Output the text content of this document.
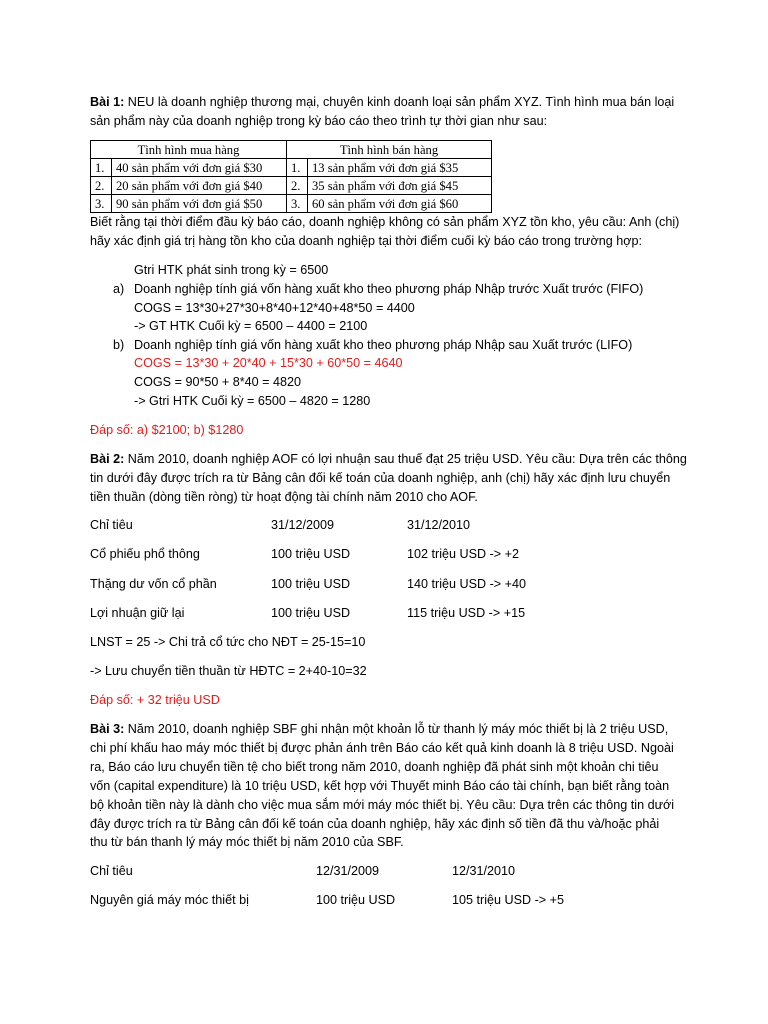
Bài 1: NEU là doanh nghiệp thương mại, chuyên kinh doanh loại sản phẩm XYZ. Tình hình mua bán loại
sản phẩm này của doanh nghiệp trong kỳ báo cáo theo trình tự thời gian như sau:
Tình hình mua hàng		Tình hình bán hàng	
1.	40 sản phẩm với đơn giá $30	1.	13 sản phẩm với đơn giá $35
2.	20 sản phẩm với đơn giá $40	2.	35 sản phẩm với đơn giá $45
3.	90 sản phẩm với đơn giá $50	3.	60 sản phẩm với đơn giá $60
Biết rằng tại thời điểm đầu kỳ báo cáo, doanh nghiệp không có sản phẩm XYZ tồn kho, yêu cầu: Anh (chị)
hãy xác định giá trị hàng tồn kho của doanh nghiệp tại thời điểm cuối kỳ báo cáo trong trường hợp:
Gtri HTK phát sinh trong kỳ = 6500
a) Doanh nghiệp tính giá vốn hàng xuất kho theo phương pháp Nhập trước Xuất trước (FIFO)
COGS = 13*30+27*30+8*40+12*40+48*50 = 4400
-> GT HTK Cuối kỳ = 6500 – 4400 = 2100
b) Doanh nghiệp tính giá vốn hàng xuất kho theo phương pháp Nhập sau Xuất trước (LIFO)
COGS = 13*30 + 20*40 + 15*30 + 60*50 = 4640
COGS = 90*50 + 8*40 = 4820
-> Gtri HTK Cuối kỳ = 6500 – 4820 = 1280
Đáp số: a) $2100; b) $1280
Bài 2: Năm 2010, doanh nghiệp AOF có lợi nhuận sau thuế đạt 25 triệu USD. Yêu cầu: Dựa trên các thông
tin dưới đây được trích ra từ Bảng cân đối kế toán của doanh nghiệp, anh (chị) hãy xác định lưu chuyển
tiền thuần (dòng tiền ròng) từ hoạt động tài chính năm 2010 cho AOF.
Chỉ tiêu	31/12/2009	31/12/2010
Cổ phiếu phổ thông	100 triệu USD	102 triệu USD -> +2
Thặng dư vốn cổ phần	100 triệu USD	140 triệu USD -> +40
Lợi nhuận giữ lại	100 triệu USD	115 triệu USD -> +15
LNST = 25 -> Chi trả cổ tức cho NĐT = 25-15=10
-> Lưu chuyển tiền thuần từ HĐTC = 2+40-10=32
Đáp số: + 32 triệu USD
Bài 3: Năm 2010, doanh nghiệp SBF ghi nhận một khoản lỗ từ thanh lý máy móc thiết bị là 2 triệu USD,
chi phí khấu hao máy móc thiết bị được phản ánh trên Báo cáo kết quả kinh doanh là 8 triệu USD. Ngoài
ra, Báo cáo lưu chuyển tiền tệ cho biết trong năm 2010, doanh nghiệp đã phát sinh một khoản chi tiêu
vốn (capital expenditure) là 10 triệu USD, kết hợp với Thuyết minh Báo cáo tài chính, bạn biết rằng toàn
bộ khoản tiền này là dành cho việc mua sắm mới máy móc thiết bị. Yêu cầu: Dựa trên các thông tin dưới
đây được trích ra từ Bảng cân đối kế toán của doanh nghiệp, hãy xác định số tiền đã thu và/hoặc phải
thu từ bán thanh lý máy móc thiết bị năm 2010 của SBF.
Chỉ tiêu	12/31/2009	12/31/2010
Nguyên giá máy móc thiết bị	100 triệu USD	105 triệu USD -> +5
